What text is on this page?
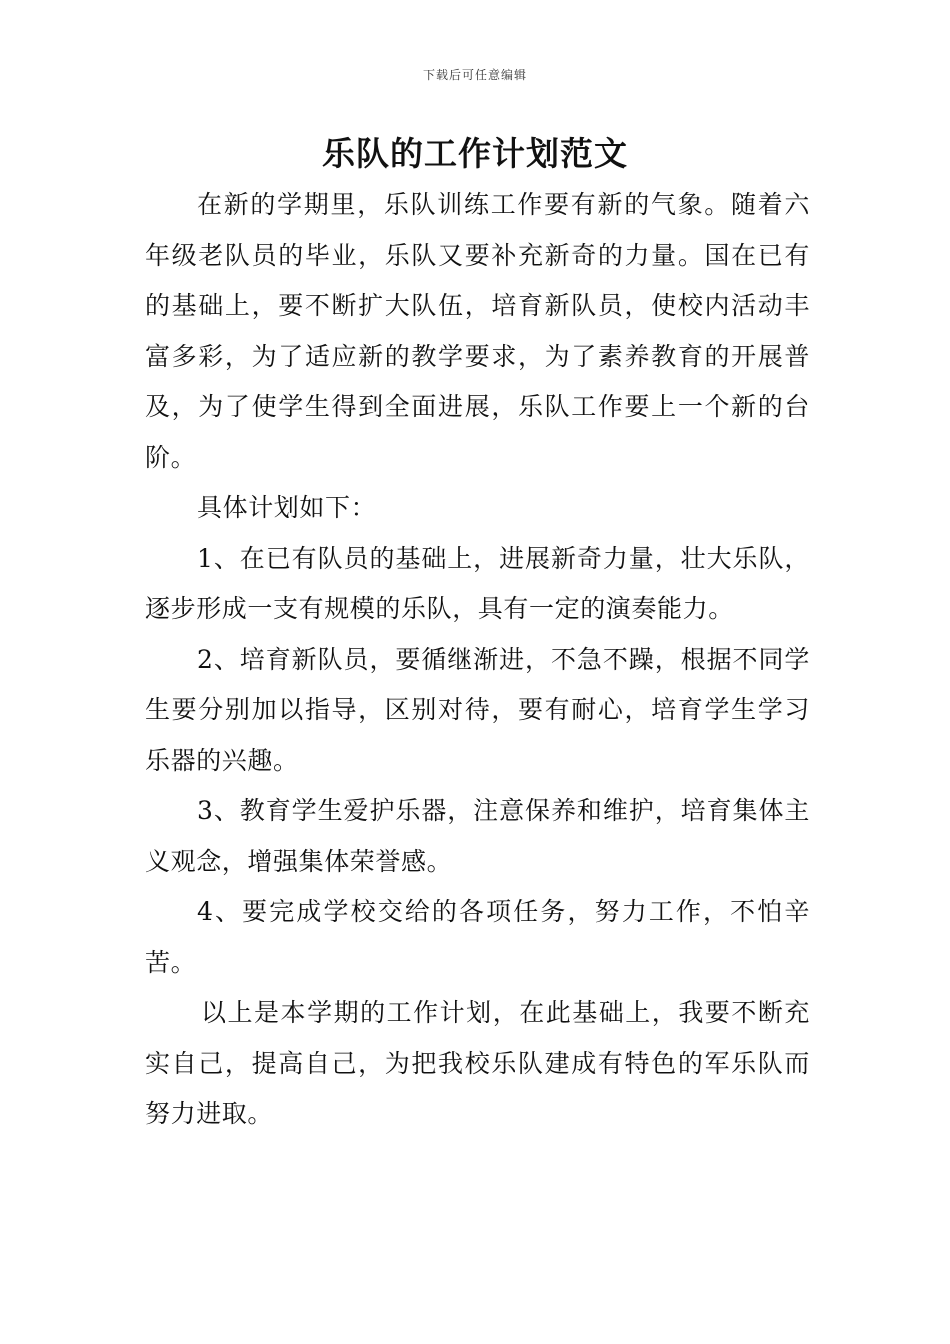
下载后可任意编辑
乐队的工作计划范文

在新的学期里，乐队训练工作要有新的气象。随着六年级老队员的毕业，乐队又要补充新奇的力量。国在已有的基础上，要不断扩大队伍，培育新队员，使校内活动丰富多彩，为了适应新的教学要求，为了素养教育的开展普及，为了使学生得到全面进展，乐队工作要上一个新的台阶。

具体计划如下：

1、在已有队员的基础上，进展新奇力量，壮大乐队，逐步形成一支有规模的乐队，具有一定的演奏能力。

2、培育新队员，要循继渐进，不急不躁，根据不同学生要分别加以指导，区别对待，要有耐心，培育学生学习乐器的兴趣。

3、教育学生爱护乐器，注意保养和维护，培育集体主义观念，增强集体荣誉感。

4、要完成学校交给的各项任务，努力工作，不怕辛苦。

以上是本学期的工作计划，在此基础上，我要不断充实自己，提高自己，为把我校乐队建成有特色的军乐队而努力进取。
